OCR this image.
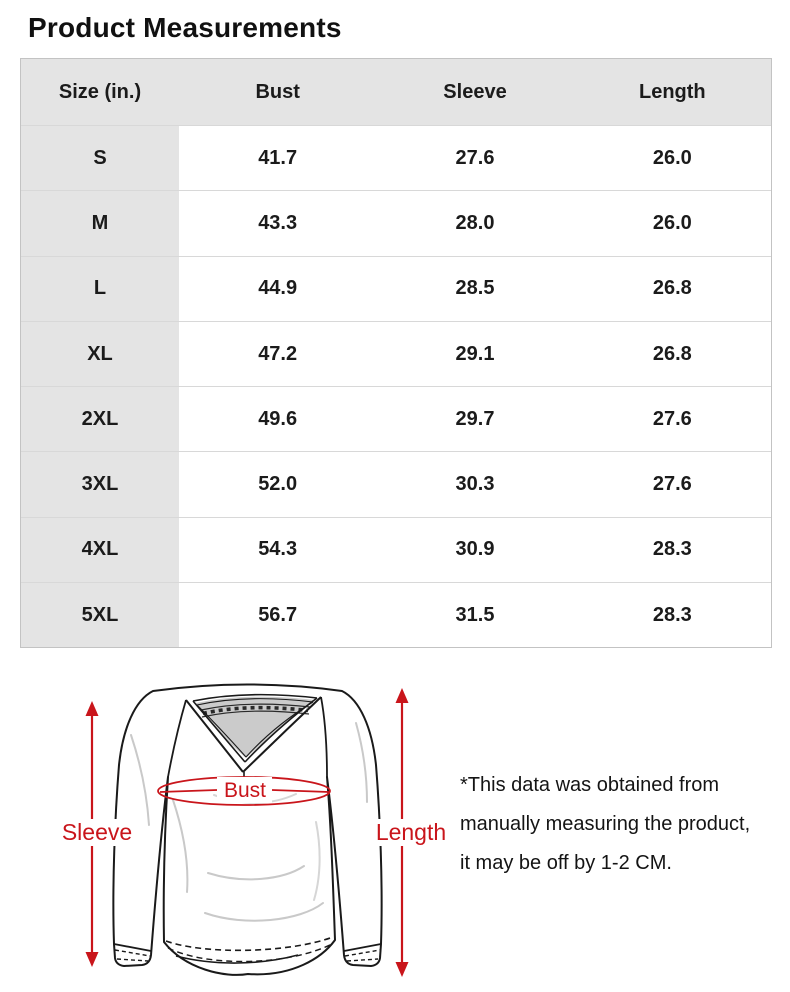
Product Measurements
Size (in.)	Bust	Sleeve	Length
S	41.7	27.6	26.0
M	43.3	28.0	26.0
L	44.9	28.5	26.8
XL	47.2	29.1	26.8
2XL	49.6	29.7	27.6
3XL	52.0	30.3	27.6
4XL	54.3	30.9	28.3
5XL	56.7	31.5	28.3
Sleeve	Length
Bust	*This data was obtained from

manually measuring the product,

it may be off by 1-2 CM.
